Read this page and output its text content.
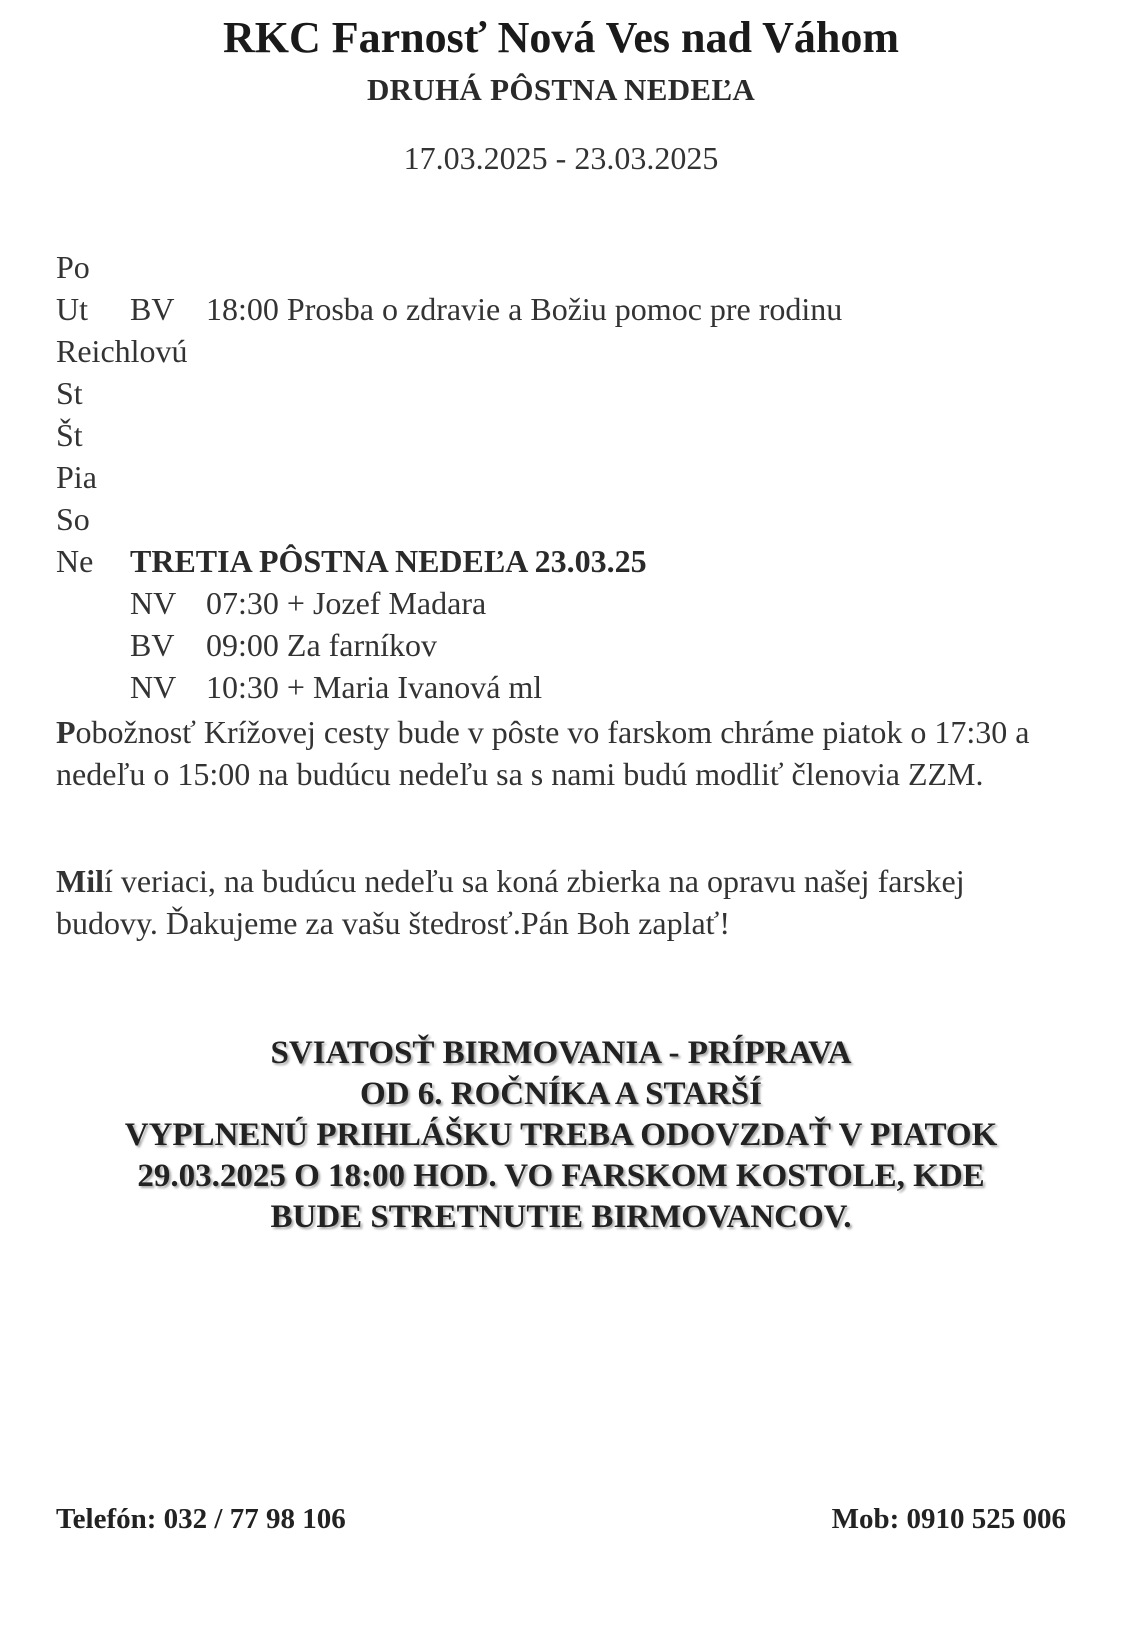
RKC Farnosť Nová Ves nad Váhom
DRUHÁ PÔSTNA NEDEĽA
17.03.2025 - 23.03.2025
Po
Ut BV 18:00 Prosba o zdravie a Božiu pomoc pre rodinu
Reichlovú
St
Št
Pia
So
Ne TRETIA PÔSTNA NEDEĽA 23.03.25
NV 07:30 + Jozef Madara
BV 09:00 Za farníkov
NV 10:30 + Maria Ivanová ml
Pobožnosť Krížovej cesty bude v pôste vo farskom chráme piatok o 17:30 a nedeľu o 15:00 na budúcu nedeľu sa s nami budú modliť členovia ZZM.
Milí veriaci, na budúcu nedeľu sa koná zbierka na opravu našej farskej budovy. Ďakujeme za vašu štedrosť.Pán Boh zaplať!
SVIATOSŤ BIRMOVANIA - PRÍPRAVA
OD 6. ROČNÍKA A STARŠÍ
VYPLNENÚ PRIHLÁŠKU TREBA ODOVZDAŤ V PIATOK
29.03.2025 O 18:00 HOD. VO FARSKOM KOSTOLE, KDE
BUDE STRETNUTIE BIRMOVANCOV.
Telefón: 032 / 77 98 106	Mob: 0910 525 006
